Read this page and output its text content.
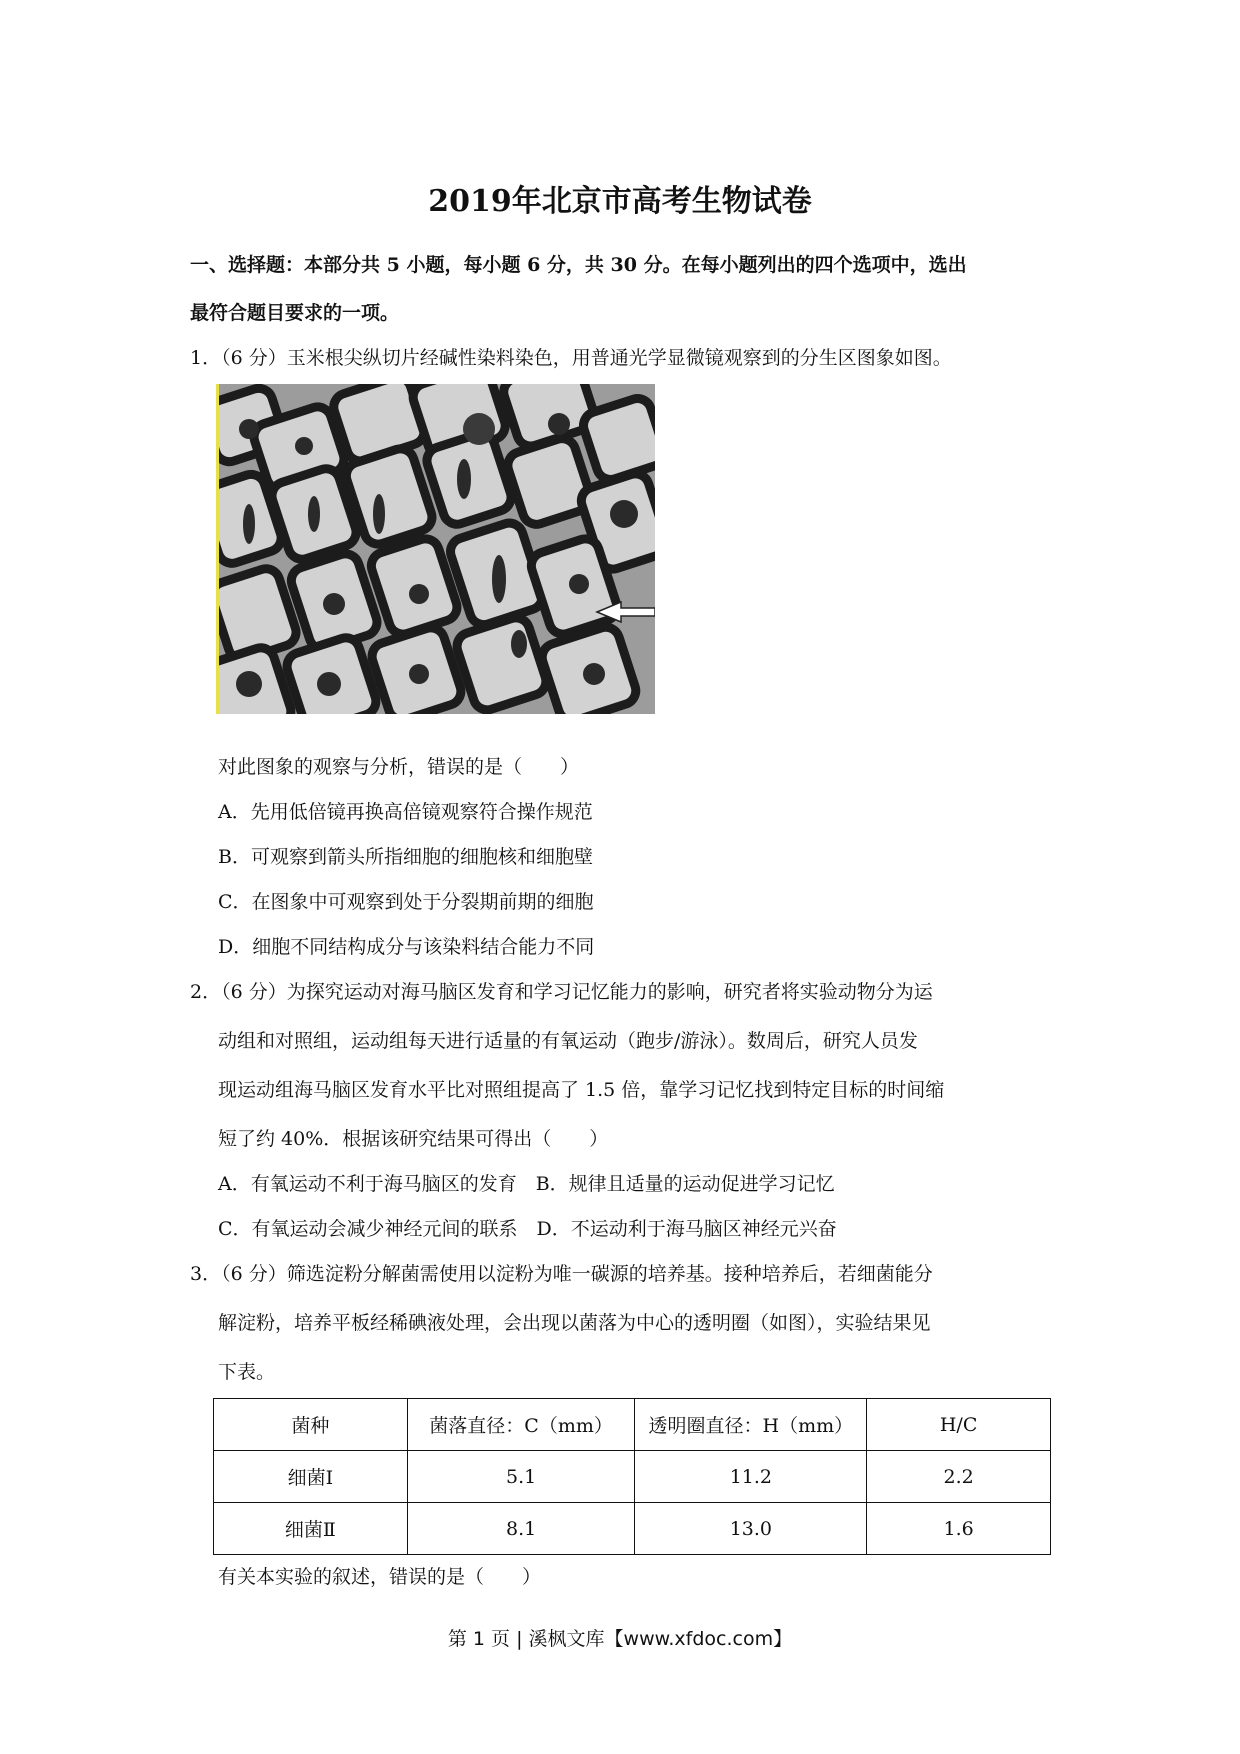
2019年北京市高考生物试卷
一、选择题：本部分共 5 小题，每小题 6 分，共 30 分。在每小题列出的四个选项中，选出
最符合题目要求的一项。
1．（6 分）玉米根尖纵切片经碱性染料染色，用普通光学显微镜观察到的分生区图象如图。
对此图象的观察与分析，错误的是（　　）
A．先用低倍镜再换高倍镜观察符合操作规范
B．可观察到箭头所指细胞的细胞核和细胞壁
C．在图象中可观察到处于分裂期前期的细胞
D．细胞不同结构成分与该染料结合能力不同
2．（6 分）为探究运动对海马脑区发育和学习记忆能力的影响，研究者将实验动物分为运
动组和对照组，运动组每天进行适量的有氧运动（跑步/游泳）。数周后，研究人员发
现运动组海马脑区发育水平比对照组提高了 1.5 倍，靠学习记忆找到特定目标的时间缩
短了约 40%．根据该研究结果可得出（　　）
A．有氧运动不利于海马脑区的发育　B．规律且适量的运动促进学习记忆
C．有氧运动会减少神经元间的联系　D．不运动利于海马脑区神经元兴奋
3．（6 分）筛选淀粉分解菌需使用以淀粉为唯一碳源的培养基。接种培养后，若细菌能分
解淀粉，培养平板经稀碘液处理，会出现以菌落为中心的透明圈（如图），实验结果见
下表。
菌种	菌落直径：C（mm）	透明圈直径：H（mm）	H/C
细菌Ⅰ	5.1	11.2	2.2
细菌Ⅱ	8.1	13.0	1.6
有关本实验的叙述，错误的是（　　）
第 1 页 | 溪枫文库【www.xfdoc.com】
